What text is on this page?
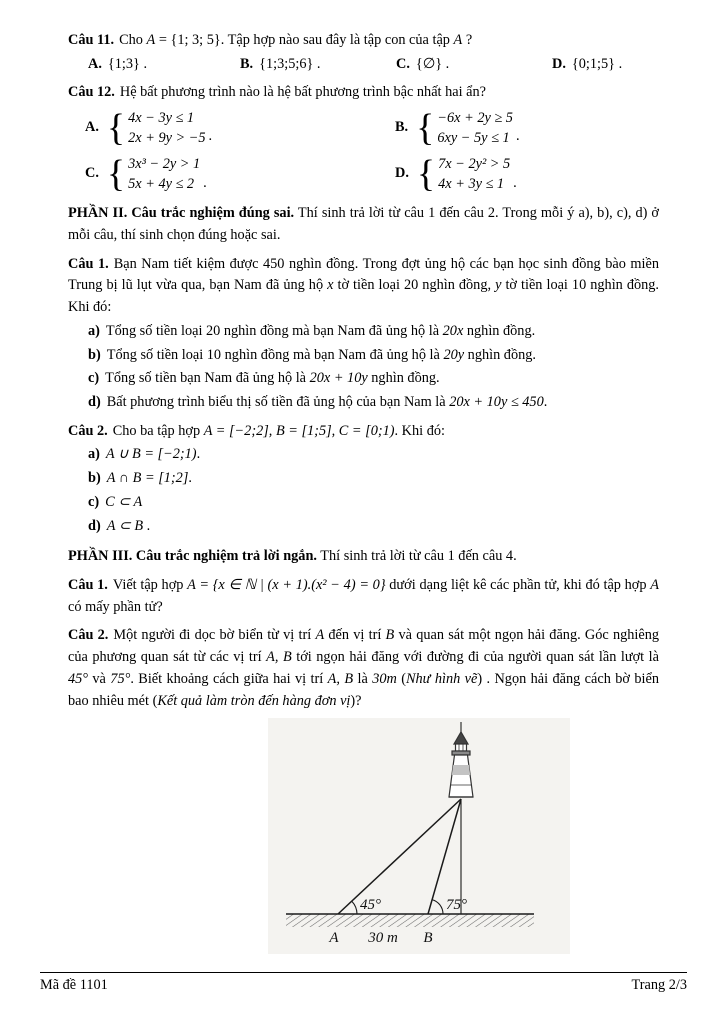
Câu 11. Cho A = {1; 3; 5}. Tập hợp nào sau đây là tập con của tập A ?
A. {1;3} .	B. {1;3;5;6} .	C. {∅} .	D. {0;1;5} .
Câu 12. Hệ bất phương trình nào là hệ bất phương trình bậc nhất hai ẩn?
A. { 4x − 3y ≤ 1
2x + 9y > −5 .
B. { −6x + 2y ≥ 5
6xy − 5y ≤ 1 .
C. { 3x³ − 2y > 1
5x + 4y ≤ 2 .
D. { 7x − 2y² > 5
4x + 3y ≤ 1 .
PHẦN II. Câu trắc nghiệm đúng sai. Thí sinh trả lời từ câu 1 đến câu 2. Trong mỗi ý a), b), c), d) ở mỗi câu, thí sinh chọn đúng hoặc sai.
Câu 1. Bạn Nam tiết kiệm được 450 nghìn đồng. Trong đợt ủng hộ các bạn học sinh đồng bào miền Trung bị lũ lụt vừa qua, bạn Nam đã ủng hộ x tờ tiền loại 20 nghìn đồng, y tờ tiền loại 10 nghìn đồng. Khi đó:
a) Tổng số tiền loại 20 nghìn đồng mà bạn Nam đã ủng hộ là 20x nghìn đồng.
b) Tổng số tiền loại 10 nghìn đồng mà bạn Nam đã ủng hộ là 20y nghìn đồng.
c) Tổng số tiền bạn Nam đã ủng hộ là 20x + 10y nghìn đồng.
d) Bất phương trình biểu thị số tiền đã ủng hộ của bạn Nam là 20x + 10y ≤ 450.
Câu 2. Cho ba tập hợp A = [−2;2], B = [1;5], C = [0;1). Khi đó:
a) A ∪ B = [−2;1).
b) A ∩ B = [1;2].
c) C ⊂ A
d) A ⊂ B .
PHẦN III. Câu trắc nghiệm trả lời ngắn. Thí sinh trả lời từ câu 1 đến câu 4.
Câu 1. Viết tập hợp A = {x ∈ ℕ | (x + 1).(x² − 4) = 0} dưới dạng liệt kê các phần tử, khi đó tập hợp A có mấy phần tử?
Câu 2. Một người đi dọc bờ biển từ vị trí A đến vị trí B và quan sát một ngọn hải đăng. Góc nghiêng của phương quan sát từ các vị trí A, B tới ngọn hải đăng với đường đi của người quan sát lần lượt là 45° và 75°. Biết khoảng cách giữa hai vị trí A, B là 30m (Như hình vẽ) . Ngọn hải đăng cách bờ biển bao nhiêu mét (Kết quả làm tròn đến hàng đơn vị)?
45°	75°
A 30 m B
Mã đề 1101	Trang 2/3
